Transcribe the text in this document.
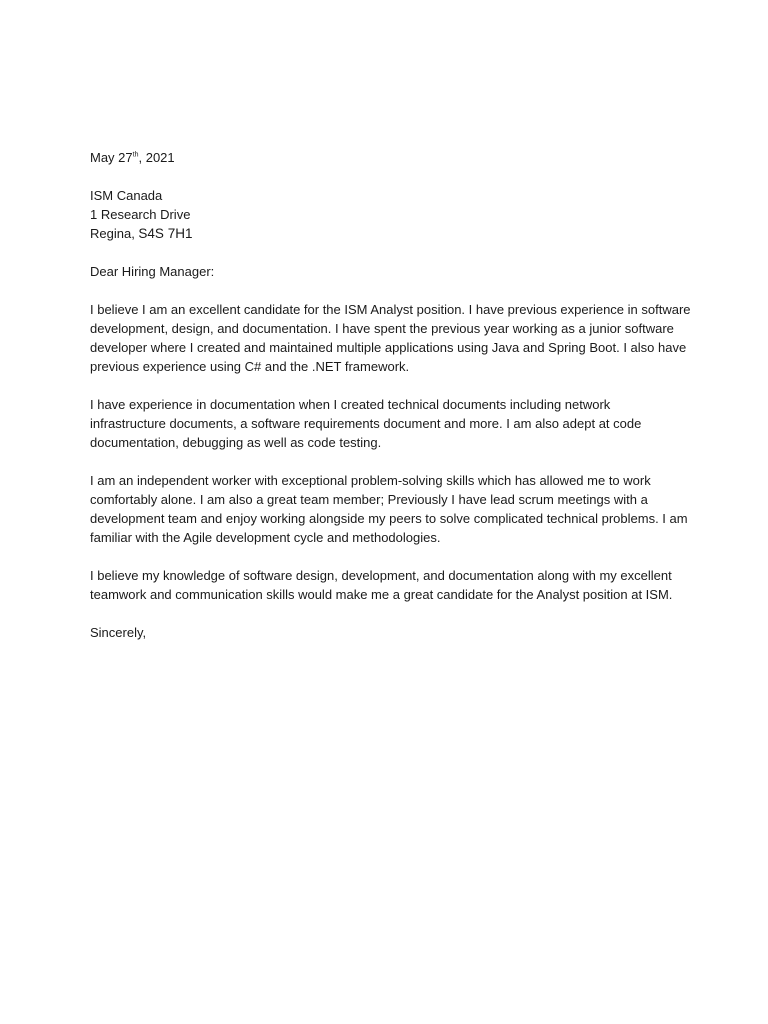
May 27th, 2021
ISM Canada
1 Research Drive
Regina, S4S 7H1
Dear Hiring Manager:
I believe I am an excellent candidate for the ISM Analyst position. I have previous experience in software
development, design, and documentation. I have spent the previous year working as a junior software
developer where I created and maintained multiple applications using Java and Spring Boot. I also have
previous experience using C# and the .NET framework.
I have experience in documentation when I created technical documents including network
infrastructure documents, a software requirements document and more. I am also adept at code
documentation, debugging as well as code testing.
I am an independent worker with exceptional problem-solving skills which has allowed me to work
comfortably alone. I am also a great team member; Previously I have lead scrum meetings with a
development team and enjoy working alongside my peers to solve complicated technical problems. I am
familiar with the Agile development cycle and methodologies.
I believe my knowledge of software design, development, and documentation along with my excellent
teamwork and communication skills would make me a great candidate for the Analyst position at ISM.
Sincerely,
